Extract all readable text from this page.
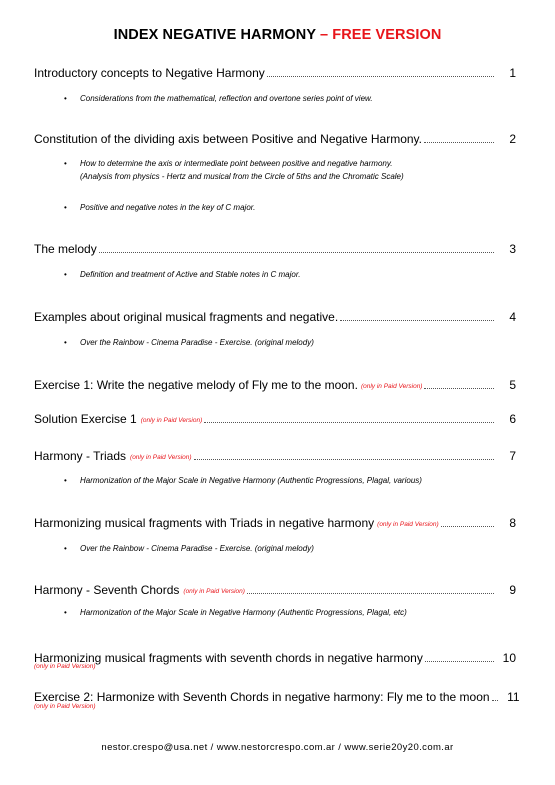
INDEX NEGATIVE HARMONY – FREE VERSION
Introductory concepts to Negative Harmony	1
• Considerations from the mathematical, reflection and overtone series point of view.
Constitution of the dividing axis between Positive and Negative Harmony.	2
• How to determine the axis or intermediate point between positive and negative harmony.
(Analysis from physics - Hertz and musical from the Circle of 5ths and the Chromatic Scale)
• Positive and negative notes in the key of C major.
The melody	3
• Definition and treatment of Active and Stable notes in C major.
Examples about original musical fragments and negative.	4
• Over the Rainbow - Cinema Paradise - Exercise. (original melody)
Exercise 1: Write the negative melody of Fly me to the moon. (only in Paid Version)	5
Solution Exercise 1 (only in Paid Version)	6
Harmony - Triads (only in Paid Version)	7
• Harmonization of the Major Scale in Negative Harmony (Authentic Progressions, Plagal, various)
Harmonizing musical fragments with Triads in negative harmony (only in Paid Version)	8
• Over the Rainbow - Cinema Paradise - Exercise. (original melody)
Harmony - Seventh Chords (only in Paid Version)	9
• Harmonization of the Major Scale in Negative Harmony (Authentic Progressions, Plagal, etc)
Harmonizing musical fragments with seventh chords in negative harmony	10
(only in Paid Version)
Exercise 2: Harmonize with Seventh Chords in negative harmony: Fly me to the moon	11
(only in Paid Version)
nestor.crespo@usa.net / www.nestorcrespo.com.ar / www.serie20y20.com.ar
